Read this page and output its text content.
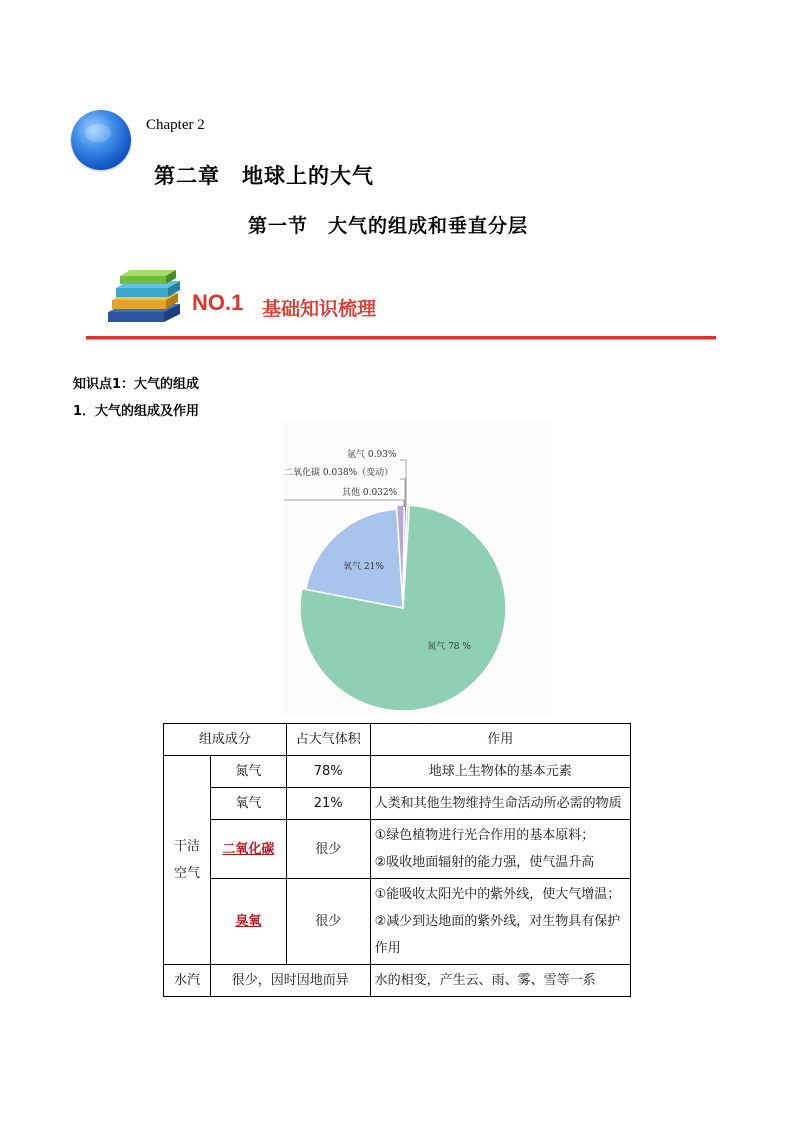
Chapter 2
第二章　地球上的大气
第一节　大气的组成和垂直分层
NO.1 基础知识梳理
知识点1：大气的组成
1．大气的组成及作用
氮气 78 %
氧气 21%
氩气 0.93%
二氧化碳 0.038%（变动）
其他 0.032%
组成成分		占大气体积	作用

干洁
空气	氮气	78%	地球上生物体的基本元素
	氧气	21%	人类和其他生物维持生命活动所必需的物质
	二氧化碳	很少	①绿色植物进行光合作用的基本原料；
②吸收地面辐射的能力强，使气温升高

	臭氧	很少	①能吸收太阳光中的紫外线，使大气增温；②减少到达地面的紫外线，对生物具有保护作用
水汽	很少，因时因地而异		水的相变，产生云、雨、雾、雪等一系
